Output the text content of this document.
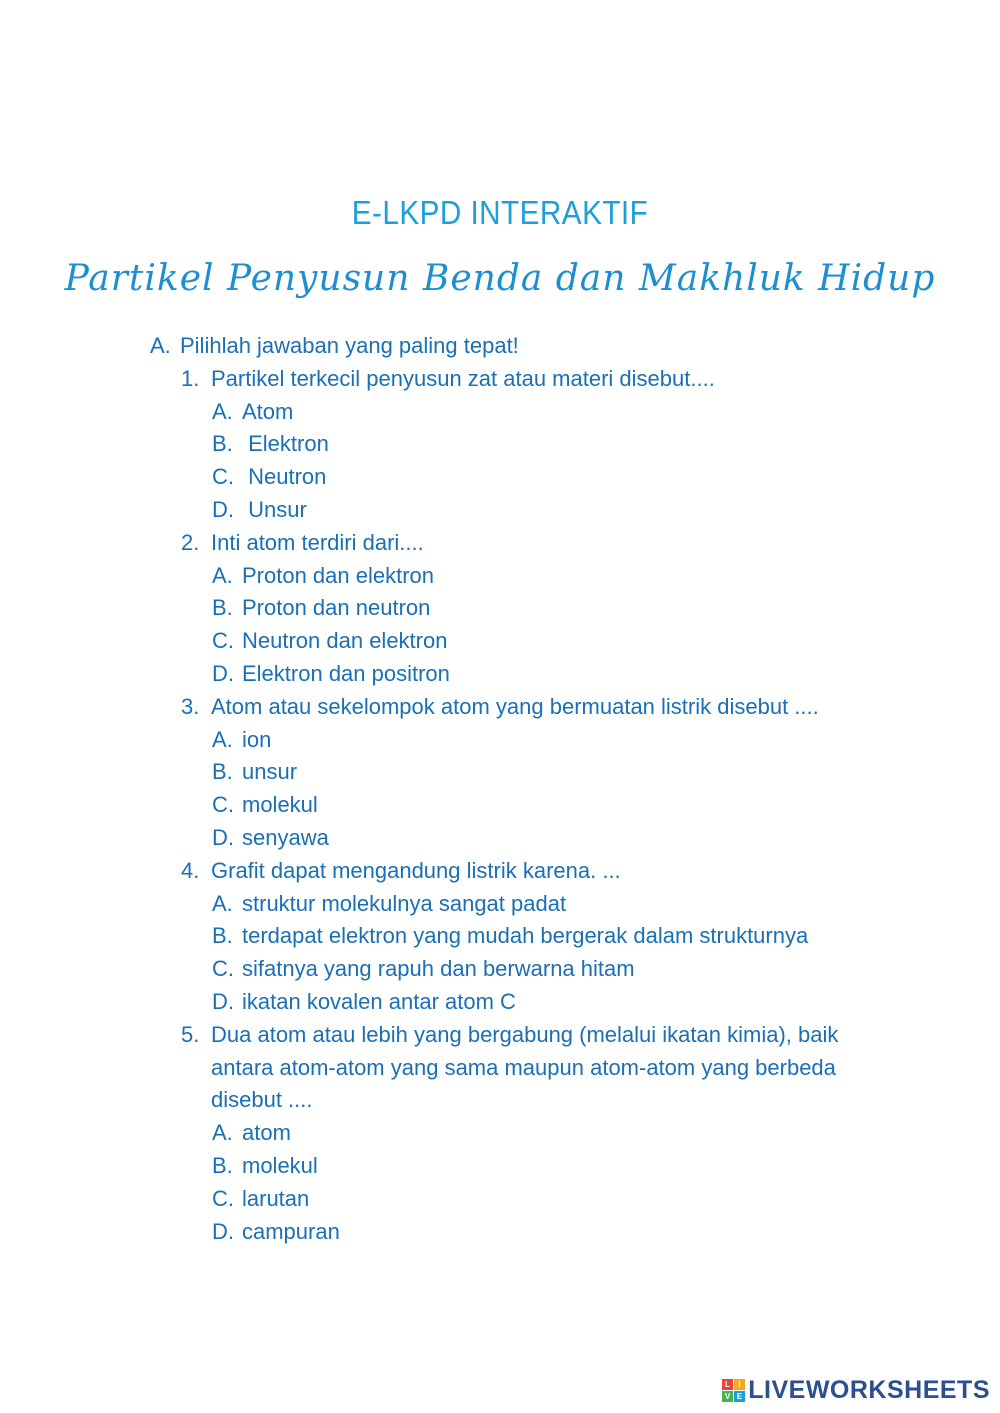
E-LKPD INTERAKTIF
Partikel Penyusun Benda dan Makhluk Hidup
A. Pilihlah jawaban yang paling tepat!
1. Partikel terkecil penyusun zat atau materi disebut....
A. Atom
B. Elektron
C. Neutron
D. Unsur
2. Inti atom terdiri dari....
A. Proton dan elektron
B. Proton dan neutron
C. Neutron dan elektron
D. Elektron dan positron
3. Atom atau sekelompok atom yang bermuatan listrik disebut ....
A. ion
B. unsur
C. molekul
D. senyawa
4. Grafit dapat mengandung listrik karena. ...
A. struktur molekulnya sangat padat
B. terdapat elektron yang mudah bergerak dalam strukturnya
C. sifatnya yang rapuh dan berwarna hitam
D. ikatan kovalen antar atom C
5. Dua atom atau lebih yang bergabung (melalui ikatan kimia), baik antara atom-atom yang sama maupun atom-atom yang berbeda disebut ....
A. atom
B. molekul
C. larutan
D. campuran
L I
V E LIVEWORKSHEETS
